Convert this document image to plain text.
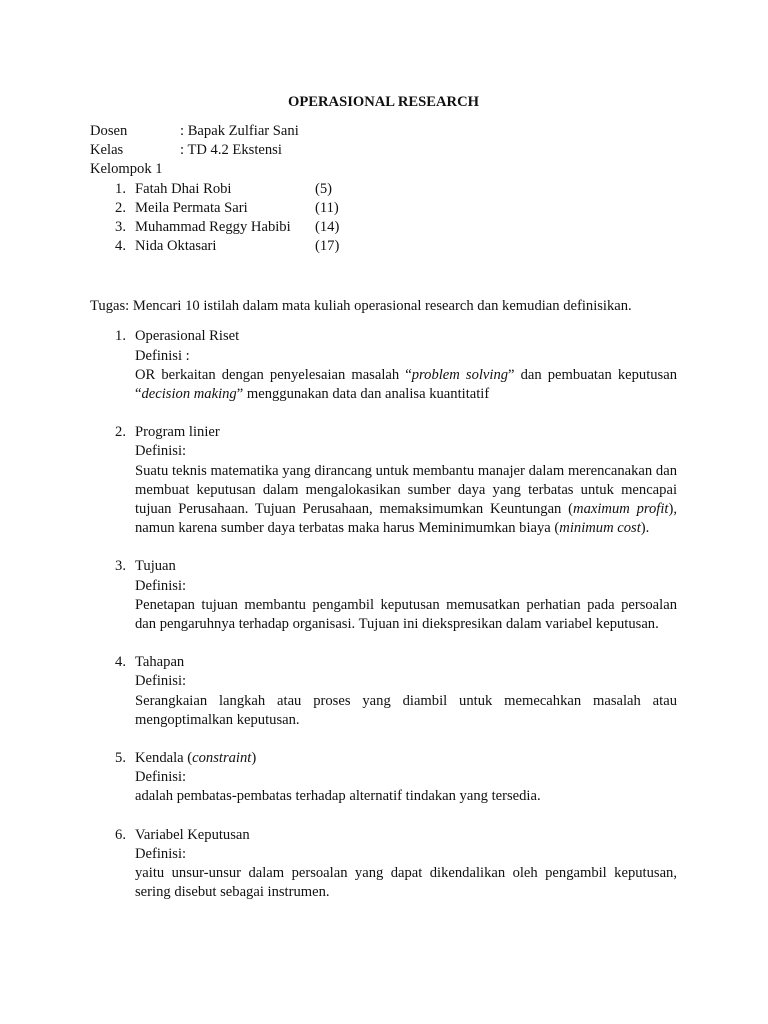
OPERASIONAL RESEARCH
Dosen	: Bapak Zulfiar Sani
Kelas	: TD 4.2 Ekstensi
Kelompok 1
1. Fatah Dhai Robi	(5)
2. Meila Permata Sari	(11)
3. Muhammad Reggy Habibi (14)
4. Nida Oktasari	(17)
Tugas: Mencari 10 istilah dalam mata kuliah operasional research dan kemudian definisikan.
1. Operasional Riset

Definisi :

OR berkaitan dengan penyelesaian masalah “problem solving” dan pembuatan keputusan “decision making” menggunakan data dan analisa kuantitatif

2. Program linier

Definisi:

Suatu teknis matematika yang dirancang untuk membantu manajer dalam merencanakan dan membuat keputusan dalam mengalokasikan sumber daya yang terbatas untuk mencapai tujuan Perusahaan. Tujuan Perusahaan, memaksimumkan Keuntungan (maximum profit), namun karena sumber daya terbatas maka harus Meminimumkan biaya (minimum cost).

3. Tujuan

Definisi:

Penetapan tujuan membantu pengambil keputusan memusatkan perhatian pada persoalan dan pengaruhnya terhadap organisasi. Tujuan ini diekspresikan dalam variabel keputusan.

4. Tahapan

Definisi:

Serangkaian langkah atau proses yang diambil untuk memecahkan masalah atau mengoptimalkan keputusan.

5. Kendala (constraint)

Definisi:

adalah pembatas-pembatas terhadap alternatif tindakan yang tersedia.

6. Variabel Keputusan

Definisi:

yaitu unsur-unsur dalam persoalan yang dapat dikendalikan oleh pengambil keputusan, sering disebut sebagai instrumen.
